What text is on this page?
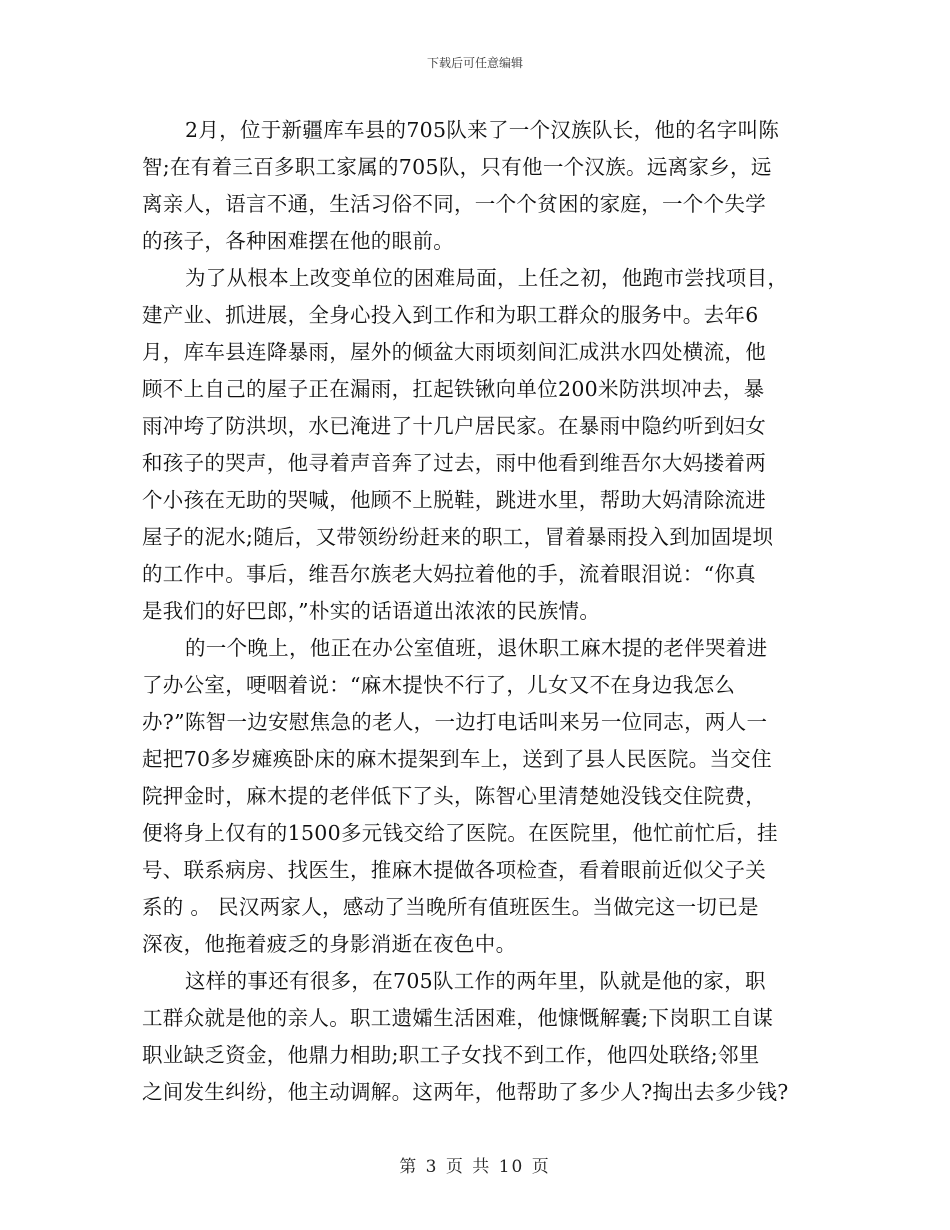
下载后可任意编辑
2月，位于新疆库车县的705队来了一个汉族队长，他的名字叫陈
智;在有着三百多职工家属的705队，只有他一个汉族。远离家乡，远
离亲人，语言不通，生活习俗不同，一个个贫困的家庭，一个个失学
的孩子，各种困难摆在他的眼前。
为了从根本上改变单位的困难局面，上任之初，他跑市尝找项目，
建产业、抓进展，全身心投入到工作和为职工群众的服务中。去年6
月，库车县连降暴雨，屋外的倾盆大雨顷刻间汇成洪水四处横流，他
顾不上自己的屋子正在漏雨，扛起铁锹向单位200米防洪坝冲去，暴
雨冲垮了防洪坝，水已淹进了十几户居民家。在暴雨中隐约听到妇女
和孩子的哭声，他寻着声音奔了过去，雨中他看到维吾尔大妈搂着两
个小孩在无助的哭喊，他顾不上脱鞋，跳进水里，帮助大妈清除流进
屋子的泥水;随后，又带领纷纷赶来的职工，冒着暴雨投入到加固堤坝
的工作中。事后，维吾尔族老大妈拉着他的手，流着眼泪说：“你真
是我们的好巴郎，”朴实的话语道出浓浓的民族情。
的一个晚上，他正在办公室值班，退休职工麻木提的老伴哭着进
了办公室，哽咽着说：“麻木提快不行了，儿女又不在身边我怎么
办?”陈智一边安慰焦急的老人，一边打电话叫来另一位同志，两人一
起把70多岁瘫痪卧床的麻木提架到车上，送到了县人民医院。当交住
院押金时，麻木提的老伴低下了头，陈智心里清楚她没钱交住院费，
便将身上仅有的1500多元钱交给了医院。在医院里，他忙前忙后，挂
号、联系病房、找医生，推麻木提做各项检查，看着眼前近似父子关
系的 。 民汉两家人，感动了当晚所有值班医生。当做完这一切已是
深夜，他拖着疲乏的身影消逝在夜色中。
这样的事还有很多，在705队工作的两年里，队就是他的家，职
工群众就是他的亲人。职工遗孀生活困难，他慷慨解囊;下岗职工自谋
职业缺乏资金，他鼎力相助;职工子女找不到工作，他四处联络;邻里
之间发生纠纷，他主动调解。这两年，他帮助了多少人?掏出去多少钱?
第 3 页 共 10 页
